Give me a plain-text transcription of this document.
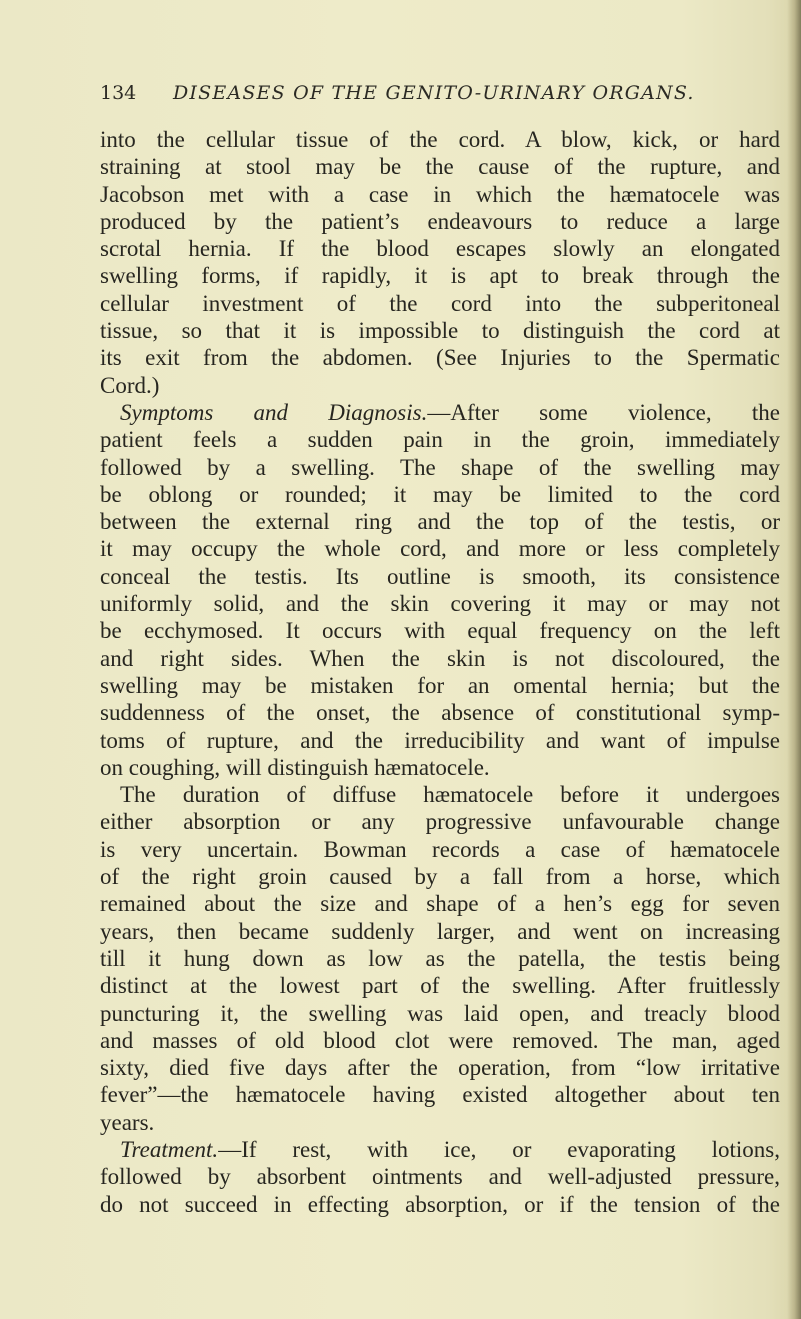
134 DISEASES OF THE GENITO-URINARY ORGANS.
into the cellular tissue of the cord. A blow, kick, or hard
straining at stool may be the cause of the rupture, and
Jacobson met with a case in which the hæmatocele was
produced by the patient’s endeavours to reduce a large
scrotal hernia. If the blood escapes slowly an elongated
swelling forms, if rapidly, it is apt to break through the
cellular investment of the cord into the subperitoneal
tissue, so that it is impossible to distinguish the cord at
its exit from the abdomen. (See Injuries to the Spermatic
Cord.)
Symptoms and Diagnosis.—After some violence, the
patient feels a sudden pain in the groin, immediately
followed by a swelling. The shape of the swelling may
be oblong or rounded; it may be limited to the cord
between the external ring and the top of the testis, or
it may occupy the whole cord, and more or less completely
conceal the testis. Its outline is smooth, its consistence
uniformly solid, and the skin covering it may or may not
be ecchymosed. It occurs with equal frequency on the left
and right sides. When the skin is not discoloured, the
swelling may be mistaken for an omental hernia; but the
suddenness of the onset, the absence of constitutional symp-
toms of rupture, and the irreducibility and want of impulse
on coughing, will distinguish hæmatocele.
The duration of diffuse hæmatocele before it undergoes
either absorption or any progressive unfavourable change
is very uncertain. Bowman records a case of hæmatocele
of the right groin caused by a fall from a horse, which
remained about the size and shape of a hen’s egg for seven
years, then became suddenly larger, and went on increasing
till it hung down as low as the patella, the testis being
distinct at the lowest part of the swelling. After fruitlessly
puncturing it, the swelling was laid open, and treacly blood
and masses of old blood clot were removed. The man, aged
sixty, died five days after the operation, from “low irritative
fever”—the hæmatocele having existed altogether about ten
years.
Treatment.—If rest, with ice, or evaporating lotions,
followed by absorbent ointments and well-adjusted pressure,
do not succeed in effecting absorption, or if the tension of the
